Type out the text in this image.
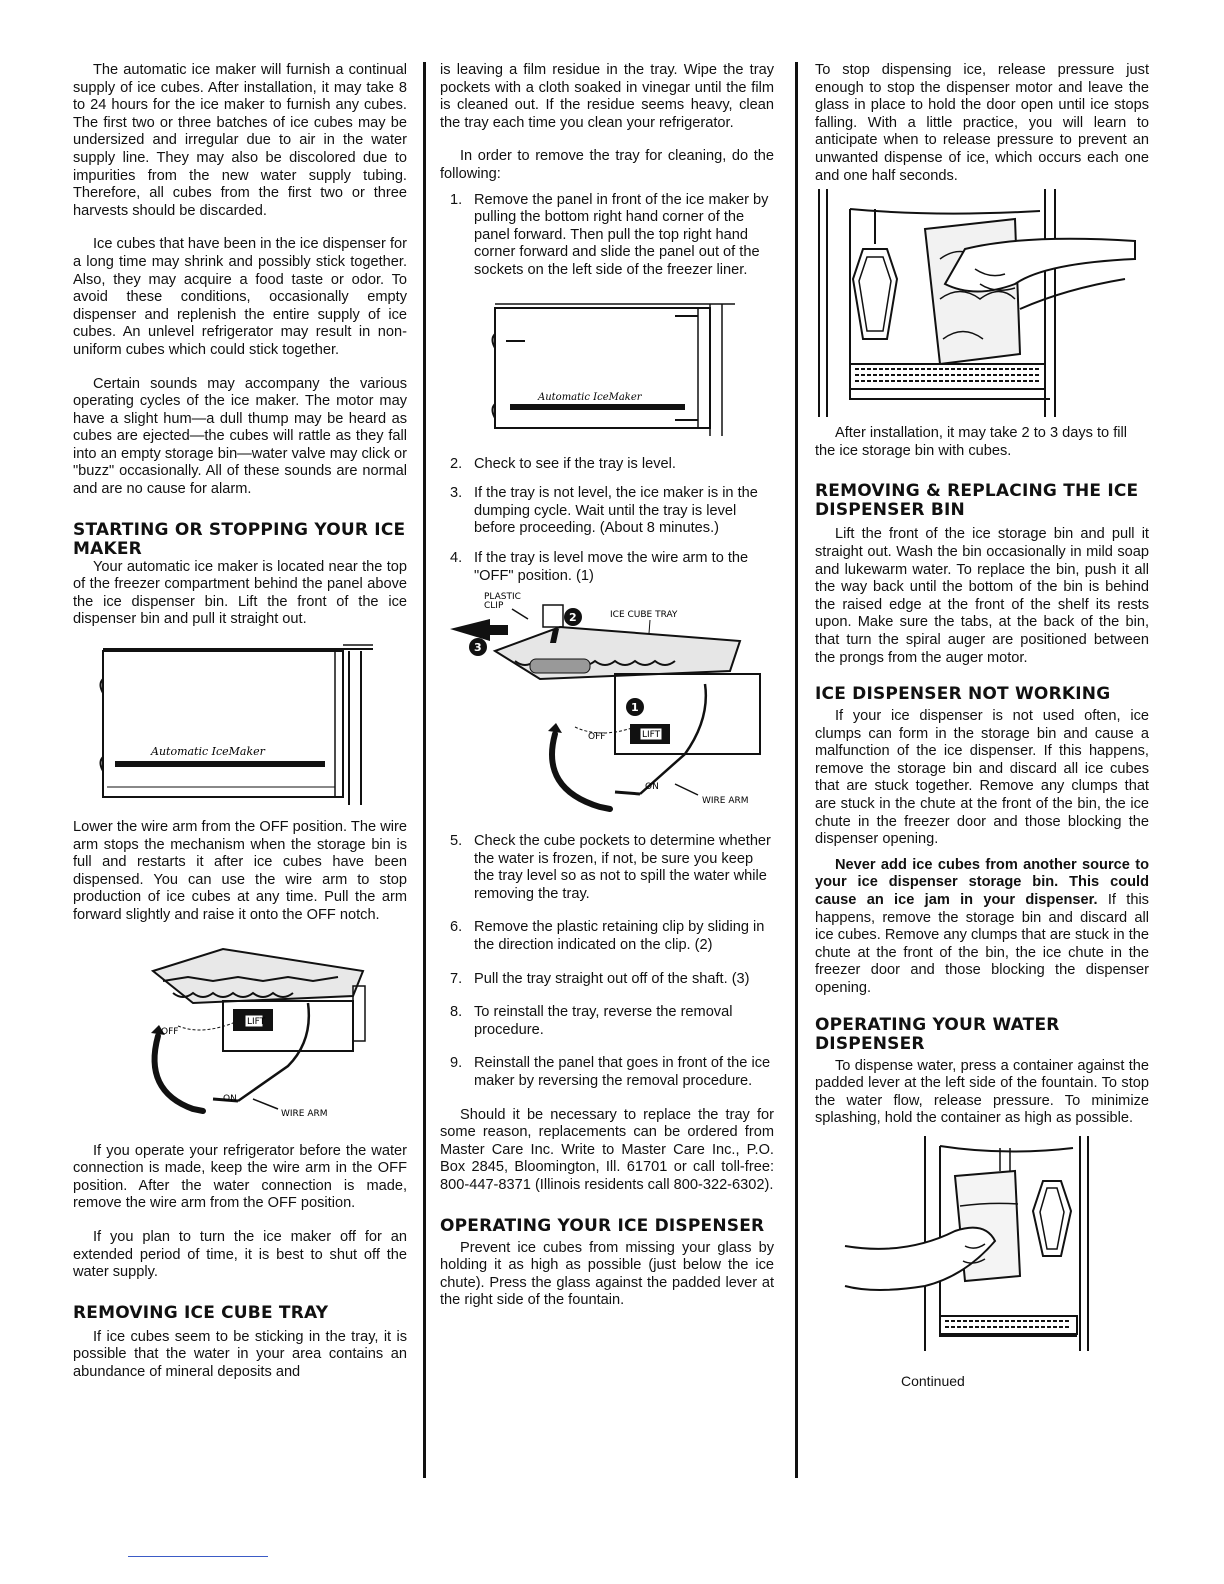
The automatic ice maker will furnish a continual supply of ice cubes. After installation, it may take 8 to 24 hours for the ice maker to furnish any cubes. The first two or three batches of ice cubes may be undersized and irregular due to air in the water supply line. They may also be discolored due to impurities from the new water supply tubing. Therefore, all cubes from the first two or three harvests should be discarded.

Ice cubes that have been in the ice dispenser for a long time may shrink and possibly stick together. Also, they may acquire a food taste or odor. To avoid these conditions, occasionally empty dispenser and replenish the entire supply of ice cubes. An unlevel refrigerator may result in non-uniform cubes which could stick together.

Certain sounds may accompany the various operating cycles of the ice maker. The motor may have a slight hum—a dull thump may be heard as cubes are ejected—the cubes will rattle as they fall into an empty storage bin—water valve may click or "buzz" occasionally. All of these sounds are normal and are no cause for alarm.

STARTING OR STOPPING YOUR ICE MAKER

Your automatic ice maker is located near the top of the freezer compartment behind the panel above the ice dispenser bin. Lift the front of the ice dispenser bin and pull it straight out.

Automatic IceMaker

Lower the wire arm from the OFF position. The wire arm stops the mechanism when the storage bin is full and restarts it after ice cubes have been dispensed. You can use the wire arm to stop production of ice cubes at any time. Pull the arm forward slightly and raise it onto the OFF notch.

LIFT
OFF
ON
WIRE ARM

If you operate your refrigerator before the water connection is made, keep the wire arm in the OFF position. After the water connection is made, remove the wire arm from the OFF position.

If you plan to turn the ice maker off for an extended period of time, it is best to shut off the water supply.

REMOVING ICE CUBE TRAY

If ice cubes seem to be sticking in the tray, it is possible that the water in your area contains an abundance of mineral deposits and

is leaving a film residue in the tray. Wipe the tray pockets with a cloth soaked in vinegar until the film is cleaned out. If the residue seems heavy, clean the tray each time you clean your refrigerator.

In order to remove the tray for cleaning, do the following:

1. Remove the panel in front of the ice maker by pulling the bottom right hand corner of the panel forward. Then pull the top right hand corner forward and slide the panel out of the sockets on the left side of the freezer liner.
Automatic IceMaker
2. Check to see if the tray is level.
3. If the tray is not level, the ice maker is in the dumping cycle. Wait until the tray is level before proceeding. (About 8 minutes.)
4. If the tray is level move the wire arm to the "OFF" position. (1)
PLASTIC
CLIP
2	ICE CUBE TRAY
3
LIFT
1
OFF
ON
WIRE ARM
5. Check the cube pockets to determine whether the water is frozen, if not, be sure you keep the tray level so as not to spill the water while removing the tray.
6. Remove the plastic retaining clip by sliding in the direction indicated on the clip. (2)
7. Pull the tray straight out off of the shaft. (3)
8. To reinstall the tray, reverse the removal procedure.
9. Reinstall the panel that goes in front of the ice maker by reversing the removal procedure.

Should it be necessary to replace the tray for some reason, replacements can be ordered from Master Care Inc. Write to Master Care Inc., P.O. Box 2845, Bloomington, Ill. 61701 or call toll-free: 800-447-8371 (Illinois residents call 800-322-6302).

OPERATING YOUR ICE DISPENSER

Prevent ice cubes from missing your glass by holding it as high as possible (just below the ice chute). Press the glass against the padded lever at the right side of the fountain.

To stop dispensing ice, release pressure just enough to stop the dispenser motor and leave the glass in place to hold the door open until ice stops falling. With a little practice, you will learn to anticipate when to release pressure to prevent an unwanted dispense of ice, which occurs each one and one half seconds.

After installation, it may take 2 to 3 days to fill the ice storage bin with cubes.

REMOVING & REPLACING THE ICE DISPENSER BIN

Lift the front of the ice storage bin and pull it straight out. Wash the bin occasionally in mild soap and lukewarm water. To replace the bin, push it all the way back until the bottom of the bin is behind the raised edge at the front of the shelf its rests upon. Make sure the tabs, at the back of the bin, that turn the spiral auger are positioned between the prongs from the auger motor.

ICE DISPENSER NOT WORKING

If your ice dispenser is not used often, ice clumps can form in the storage bin and cause a malfunction of the ice dispenser. If this happens, remove the storage bin and discard all ice cubes that are stuck together. Remove any clumps that are stuck in the chute at the front of the bin, the ice chute in the freezer door and those blocking the dispenser opening.

Never add ice cubes from another source to your ice dispenser storage bin. This could cause an ice jam in your dispenser. If this happens, remove the storage bin and discard all ice cubes. Remove any clumps that are stuck in the chute at the front of the bin, the ice chute in the freezer door and those blocking the dispenser opening.

OPERATING YOUR WATER DISPENSER

To dispense water, press a container against the padded lever at the left side of the fountain. To stop the water flow, release pressure. To minimize splashing, hold the container as high as possible.

Continued
